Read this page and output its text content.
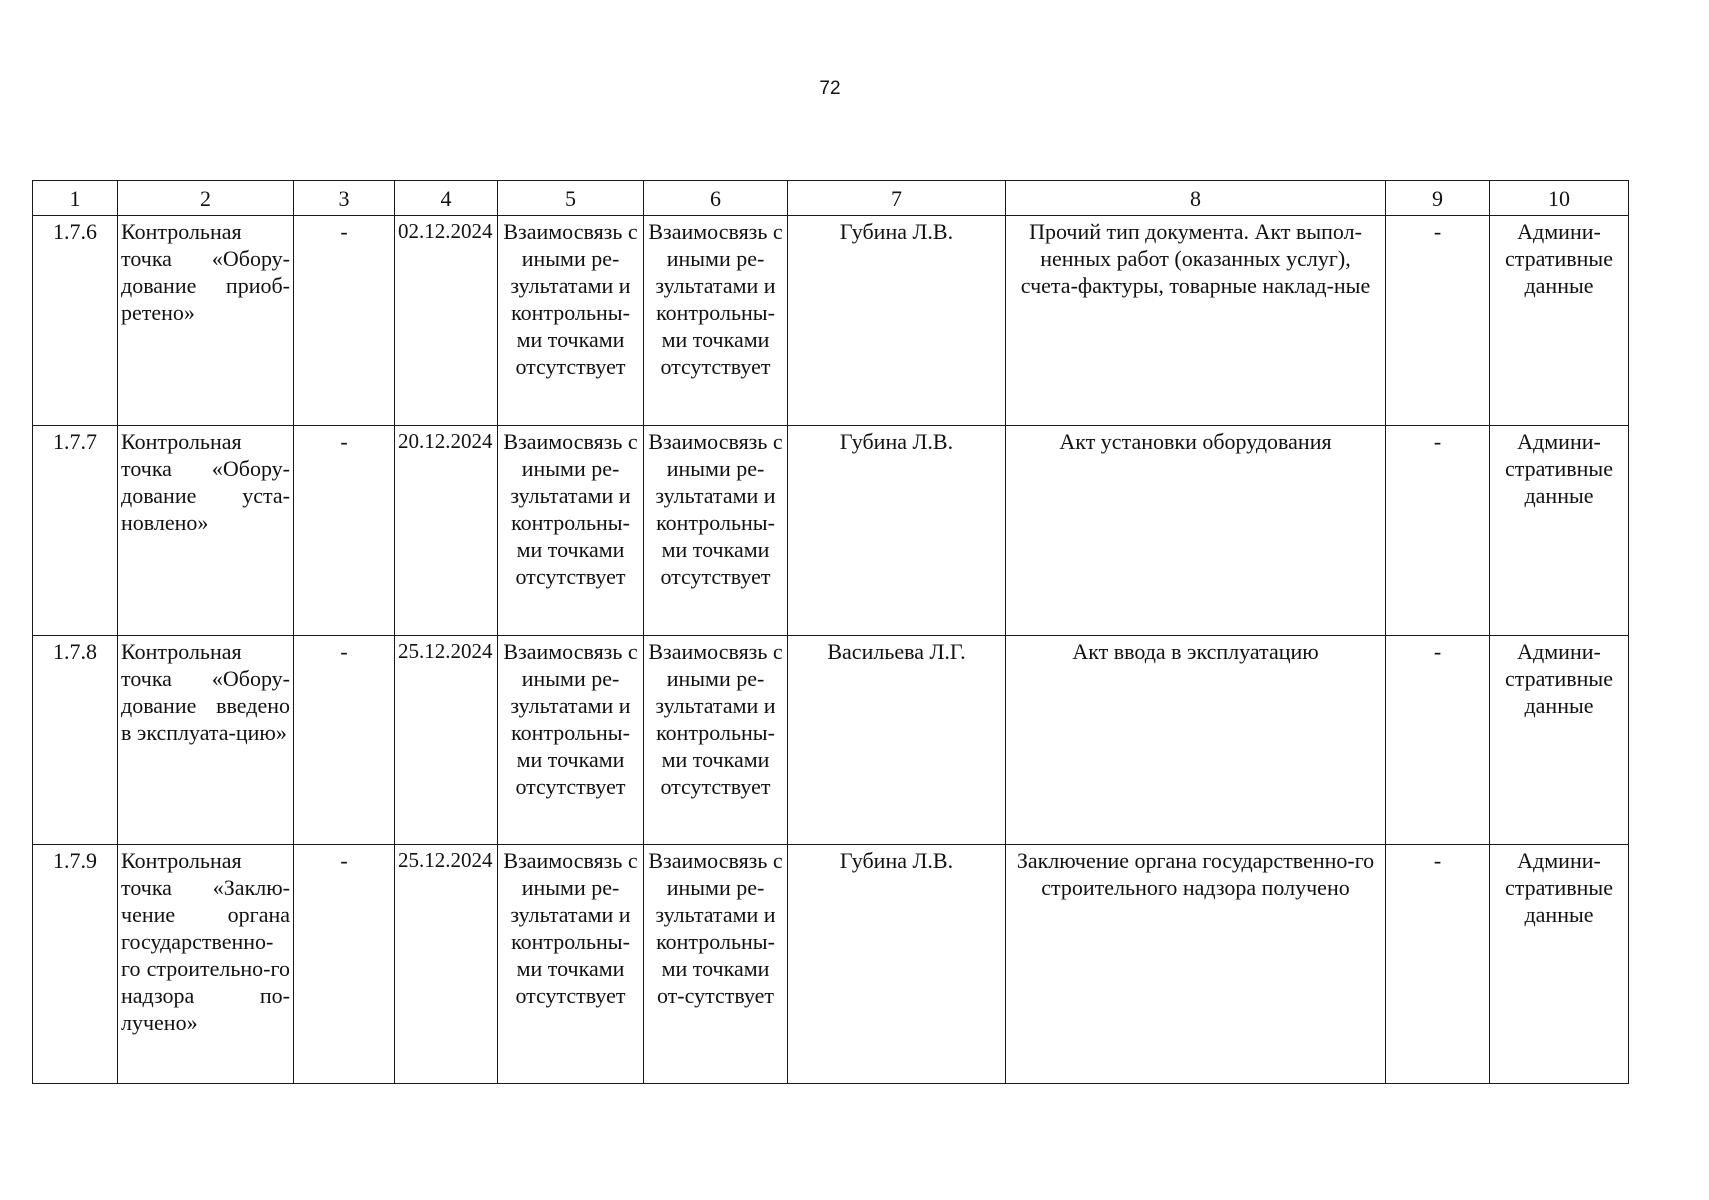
72
1	2	3	4	5	6	7	8	9	10
1.7.6	Контрольная точка «Обору-дование приоб-ретено»	-	02.12.2024	Взаимосвязь с иными ре-зультатами и контрольны-ми точками отсутствует	Взаимосвязь с иными ре-зультатами и контрольны-ми точками отсутствует	Губина Л.В.	Прочий тип документа. Акт выпол-ненных работ (оказанных услуг), счета-фактуры, товарные наклад-ные	-	Админи-стративные данные
1.7.7	Контрольная точка «Обору-дование уста-новлено»	-	20.12.2024	Взаимосвязь с иными ре-зультатами и контрольны-ми точками отсутствует	Взаимосвязь с иными ре-зультатами и контрольны-ми точками отсутствует	Губина Л.В.	Акт установки оборудования	-	Админи-стративные данные
1.7.8	Контрольная точка «Обору-дование введено в эксплуата-цию»	-	25.12.2024	Взаимосвязь с иными ре-зультатами и контрольны-ми точками отсутствует	Взаимосвязь с иными ре-зультатами и контрольны-ми точками отсутствует	Васильева Л.Г.	Акт ввода в эксплуатацию	-	Админи-стративные данные
1.7.9	Контрольная точка «Заклю-чение органа государственно-го строительно-го надзора по-лучено»	-	25.12.2024	Взаимосвязь с иными ре-зультатами и контрольны-ми точками отсутствует	Взаимосвязь с иными ре-зультатами и контрольны-ми точками от-сутствует	Губина Л.В.	Заключение органа государственно-го строительного надзора получено	-	Админи-стративные данные
